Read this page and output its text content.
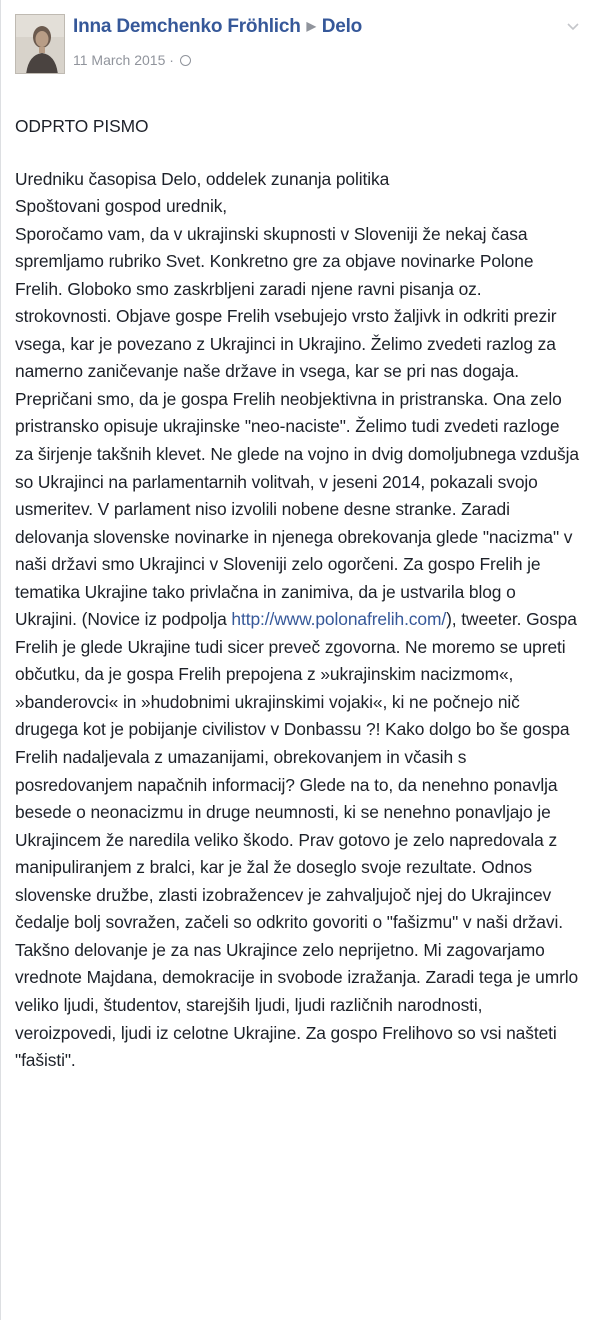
Inna Demchenko Fröhlich ▶ Delo
11 March 2015 ·

ODPRTO PISMO

Uredniku časopisa Delo, oddelek zunanja politika
Spoštovani gospod urednik,
Sporočamo vam, da v ukrajinski skupnosti v Sloveniji že nekaj časa
spremljamo rubriko Svet. Konkretno gre za objave novinarke Polone
Frelih. Globoko smo zaskrbljeni zaradi njene ravni pisanja oz.
strokovnosti. Objave gospe Frelih vsebujejo vrsto žaljivk in odkriti prezir
vsega, kar je povezano z Ukrajinci in Ukrajino. Želimo zvedeti razlog za
namerno zaničevanje naše države in vsega, kar se pri nas dogaja.
Prepričani smo, da je gospa Frelih neobjektivna in pristranska. Ona zelo
pristransko opisuje ukrajinske "neo-naciste". Želimo tudi zvedeti razloge
za širjenje takšnih klevet. Ne glede na vojno in dvig domoljubnega vzdušja
so Ukrajinci na parlamentarnih volitvah, v jeseni 2014, pokazali svojo
usmeritev. V parlament niso izvolili nobene desne stranke. Zaradi
delovanja slovenske novinarke in njenega obrekovanja glede "nacizma" v
naši državi smo Ukrajinci v Sloveniji zelo ogorčeni. Za gospo Frelih je
tematika Ukrajine tako privlačna in zanimiva, da je ustvarila blog o
Ukrajini. (Novice iz podpolja http://www.polonafrelih.com/), tweeter. Gospa
Frelih je glede Ukrajine tudi sicer preveč zgovorna. Ne moremo se upreti
občutku, da je gospa Frelih prepojena z »ukrajinskim nacizmom«,
»banderovci« in »hudobnimi ukrajinskimi vojaki«, ki ne počnejo nič
drugega kot je pobijanje civilistov v Donbassu ?! Kako dolgo bo še gospa
Frelih nadaljevala z umazanijami, obrekovanjem in včasih s
posredovanjem napačnih informacij? Glede na to, da nenehno ponavlja
besede o neonacizmu in druge neumnosti, ki se nenehno ponavljajo je
Ukrajincem že naredila veliko škodo. Prav gotovo je zelo napredovala z
manipuliranjem z bralci, kar je žal že doseglo svoje rezultate. Odnos
slovenske družbe, zlasti izobražencev je zahvaljujoč njej do Ukrajincev
čedalje bolj sovražen, začeli so odkrito govoriti o "fašizmu" v naši državi.
Takšno delovanje je za nas Ukrajince zelo neprijetno. Mi zagovarjamo
vrednote Majdana, demokracije in svobode izražanja. Zaradi tega je umrlo
veliko ljudi, študentov, starejših ljudi, ljudi različnih narodnosti,
veroizpovedi, ljudi iz celotne Ukrajine. Za gospo Frelihovo so vsi našteti
"fašisti".
